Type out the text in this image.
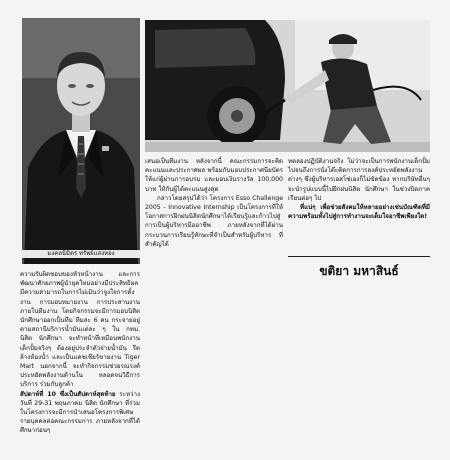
มงคลนิมิตร ทรัพย์แสงทอง

ความรับผิดชอบของหัวหน้างาน และการพัฒนาศักยภาพผู้นำยุคใหม่อย่างมีประสิทธิผล มีความสามารถในการไม่เมินว่าจูงใจการตั้งงาน การมอบหมายงาน การประสานงานภายในทีมงาน โดยกิจกรรมจะมีการมอบนิสิตนักศึกษาออกเป็นทีม ทีมละ 6 คน กระจายอยู่ตามสถานีบริการน้ำมันแต่ละ ๆ ใน กทม. นิสิต นักศึกษา จะทำหน้าที่เหมือนพนักงานเด็กปั้มจริงๆ ต้องอยู่ประจำตัวจ่ายน้ำมัน รีดล้างห้องน้ำ และเป็นแคชเชียร์ขายงาน Tiger Mart นอกจากนี้ จะทำกิจกรรมช่วยรณรงค์ประหยัดพลังงานด้านใน หลอดจนวิธีการบริการ ร่วมกับลูกค้า

สัปดาห์ที่ 10 ซึ่งเป็นสัปดาห์สุดท้าย ระหว่างวันที่ 29-31 พฤษภาคม นิสิต นักศึกษา ที่ร่วมในโครงการจะมีการนำเสนอโครงการพิเศษรายบุคคลต่อคณะกรรมการ ภายหลังจากที่ได้ศึกษาก่อนๆ

เสนอเป็นทีมงาน หลังจากนี้ คณะกรรมการจะคิดคะแนนและประกาศผล พร้อมกับมอบประกาศนียบัตรให้แก่ผู้ผ่านการอบรม และมอบเงินรางวัล 100,000 บาท ให้กับผู้ได้คะแนนสูงสุด

กล่าวโดยสรุปได้ว่า โครงการ Esso Challenge 2005 - Innovative Internship เป็นโครงการที่ให้โอกาสการฝึกฝนนิสิตนักศึกษาได้เรียนรู้และก้าวไปสู่การเป็นผู้บริหารมืออาชีพ ภายหลังจากที่ได้ผ่านกระบวนการเรียนรู้ทักษะที่จำเป็นสำหรับผู้บริหาร ที่สำคัญได้

ทดลองปฏิบัติงานจริง ไม่ว่าจะเป็นการพนักงานเด็กปั้มไปจนถึงการนั่งโต๊ะคิดการการลงค์ประหยัดพลังงานต่างๆ ซึ่งผู้บริหารเอสโซ่เองก็ไม่ขัดข้อง หากบริษัทอื่นๆ จะนำรูปแบบนี้ไปฝึกฝนนิสิต นักศึกษา ในช่วงปิดภาคเรียนต่อๆ ไป

ที่แน่ๆ เพื่อช่วยสังคมให้หลายอย่างเช่นบัณฑิตที่มีความพร้อมทั้งไปสู่การทำงานจะเต็มใจอาชีพเพียงใด!

ขติยา มหาสินธ์
